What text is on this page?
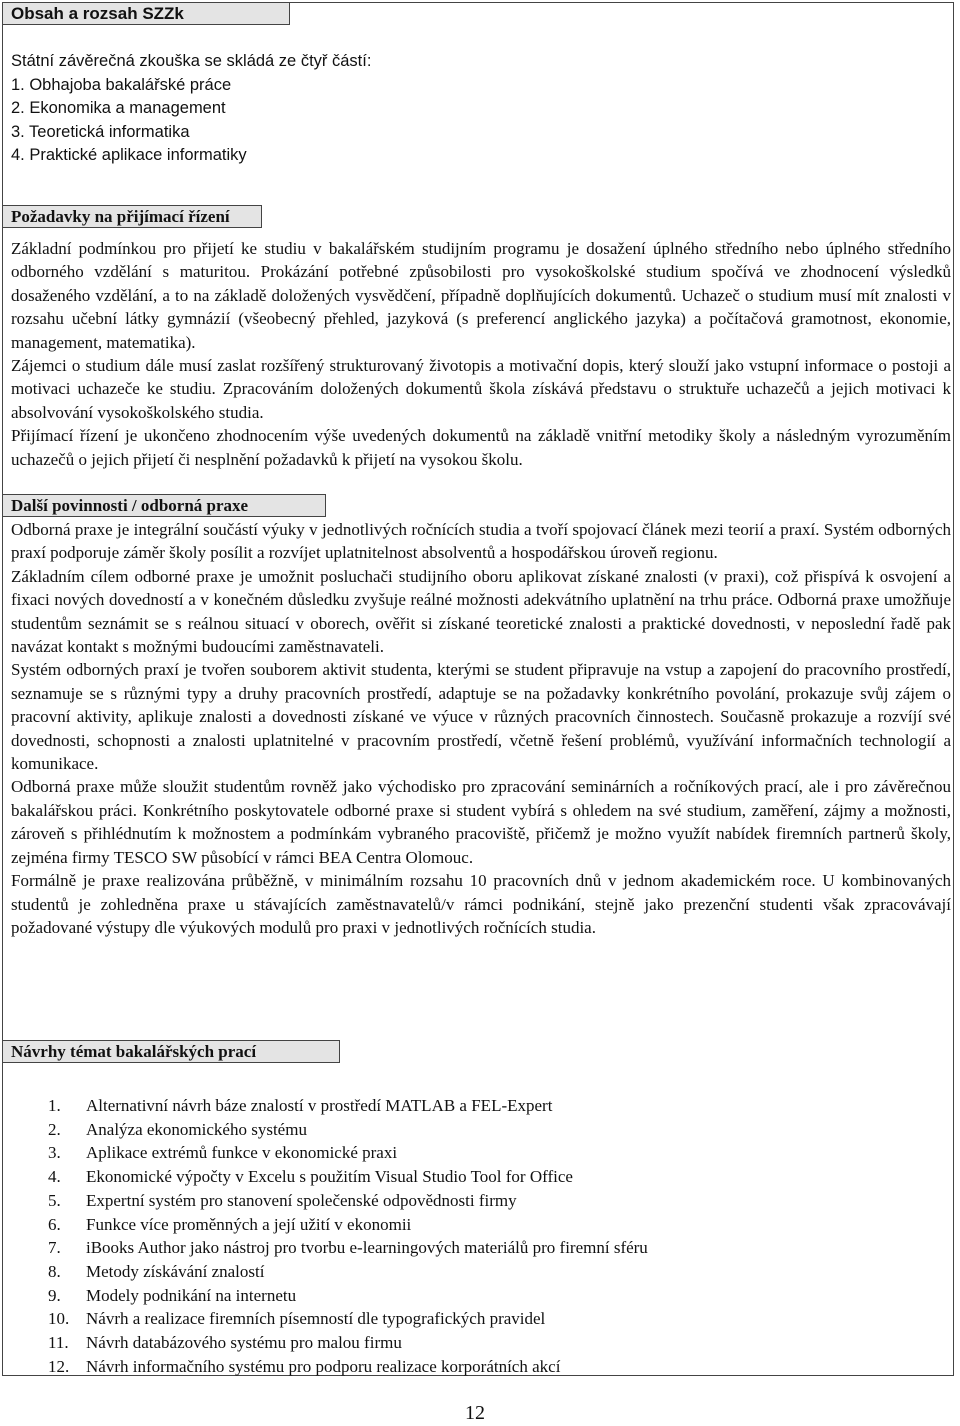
Obsah a rozsah SZZk

Státní závěrečná zkouška se skládá ze čtyř částí:

1. Obhajoba bakalářské práce

2. Ekonomika a management

3. Teoretická informatika

4. Praktické aplikace informatiky

Požadavky na přijímací řízení

Základní podmínkou pro přijetí ke studiu v bakalářském studijním programu je dosažení úplného středního nebo úplného středního odborného vzdělání s maturitou. Prokázání potřebné způsobilosti pro vysokoškolské studium spočívá ve zhodnocení výsledků dosaženého vzdělání, a to na základě doložených vysvědčení, případně doplňujících dokumentů. Uchazeč o studium musí mít znalosti v rozsahu učební látky gymnázií (všeobecný přehled, jazyková (s preferencí anglického jazyka) a počítačová gramotnost, ekonomie, management, matematika).

Zájemci o studium dále musí zaslat rozšířený strukturovaný životopis a motivační dopis, který slouží jako vstupní informace o postoji a motivaci uchazeče ke studiu. Zpracováním doložených dokumentů škola získává představu o struktuře uchazečů a jejich motivaci k absolvování vysokoškolského studia.

Přijímací řízení je ukončeno zhodnocením výše uvedených dokumentů na základě vnitřní metodiky školy a následným vyrozuměním uchazečů o jejich přijetí či nesplnění požadavků k přijetí na vysokou školu.

Další povinnosti / odborná praxe

Odborná praxe je integrální součástí výuky v jednotlivých ročnících studia a tvoří spojovací článek mezi teorií a praxí. Systém odborných praxí podporuje záměr školy posílit a rozvíjet uplatnitelnost absolventů a hospodářskou úroveň regionu.

Základním cílem odborné praxe je umožnit posluchači studijního oboru aplikovat získané znalosti (v praxi), což přispívá k osvojení a fixaci nových dovedností a v konečném důsledku zvyšuje reálné možnosti adekvátního uplatnění na trhu práce. Odborná praxe umožňuje studentům seznámit se s reálnou situací v oborech, ověřit si získané teoretické znalosti a praktické dovednosti, v neposlední řadě pak navázat kontakt s možnými budoucími zaměstnavateli.

Systém odborných praxí je tvořen souborem aktivit studenta, kterými se student připravuje na vstup a zapojení do pracovního prostředí, seznamuje se s různými typy a druhy pracovních prostředí, adaptuje se na požadavky konkrétního povolání, prokazuje svůj zájem o pracovní aktivity, aplikuje znalosti a dovednosti získané ve výuce v různých pracovních činnostech. Současně prokazuje a rozvíjí své dovednosti, schopnosti a znalosti uplatnitelné v pracovním prostředí, včetně řešení problémů, využívání informačních technologií a komunikace.

Odborná praxe může sloužit studentům rovněž jako východisko pro zpracování seminárních a ročníkových prací, ale i pro závěrečnou bakalářskou práci. Konkrétního poskytovatele odborné praxe si student vybírá s ohledem na své studium, zaměření, zájmy a možnosti, zároveň s přihlédnutím k možnostem a podmínkám vybraného pracoviště, přičemž je možno využít nabídek firemních partnerů školy, zejména firmy TESCO SW působící v rámci BEA Centra Olomouc.

Formálně je praxe realizována průběžně, v minimálním rozsahu 10 pracovních dnů v jednom akademickém roce. U kombinovaných studentů je zohledněna praxe u stávajících zaměstnavatelů/v rámci podnikání, stejně jako prezenční studenti však zpracovávají požadované výstupy dle výukových modulů pro praxi v jednotlivých ročnících studia.

Návrhy témat bakalářských prací
1.	Alternativní návrh báze znalostí v prostředí MATLAB a FEL-Expert
2.	Analýza ekonomického systému
3.	Aplikace extrémů funkce v ekonomické praxi
4.	Ekonomické výpočty v Excelu s použitím Visual Studio Tool for Office
5.	Expertní systém pro stanovení společenské odpovědnosti firmy
6.	Funkce více proměnných a její užití v ekonomii
7.	iBooks Author jako nástroj pro tvorbu e-learningových materiálů pro firemní sféru
8.	Metody získávání znalostí
9.	Modely podnikání na internetu
10. Návrh a realizace firemních písemností dle typografických pravidel
11.	Návrh databázového systému pro malou firmu
12. Návrh informačního systému pro podporu realizace korporátních akcí
12
